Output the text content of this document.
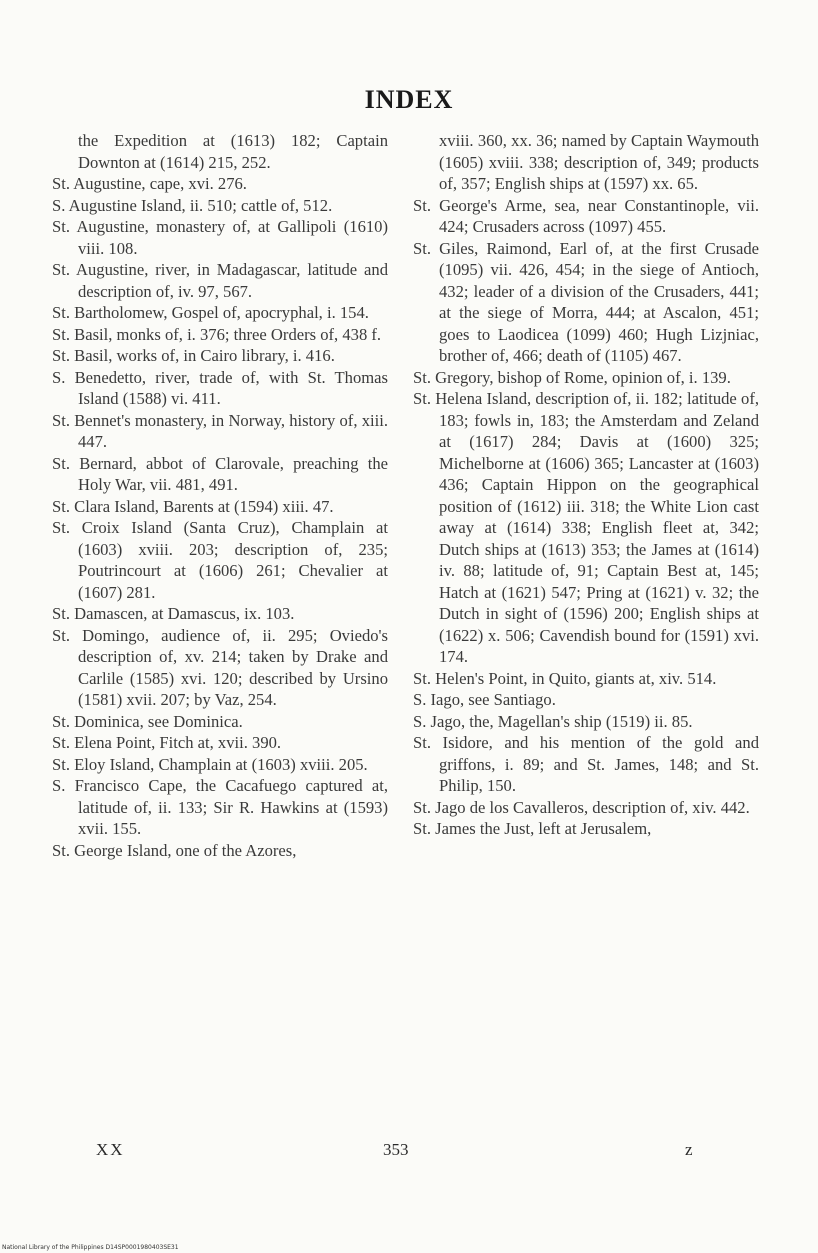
INDEX

the Expedition at (1613) 182; Captain Downton at (1614) 215, 252.

St. Augustine, cape, xvi. 276.

S. Augustine Island, ii. 510; cattle of, 512.

St. Augustine, monastery of, at Gallipoli (1610) viii. 108.

St. Augustine, river, in Madagascar, latitude and description of, iv. 97, 567.

St. Bartholomew, Gospel of, apocryphal, i. 154.

St. Basil, monks of, i. 376; three Orders of, 438 f.

St. Basil, works of, in Cairo library, i. 416.

S. Benedetto, river, trade of, with St. Thomas Island (1588) vi. 411.

St. Bennet's monastery, in Norway, history of, xiii. 447.

St. Bernard, abbot of Clarovale, preaching the Holy War, vii. 481, 491.

St. Clara Island, Barents at (1594) xiii. 47.

St. Croix Island (Santa Cruz), Champlain at (1603) xviii. 203; description of, 235; Poutrincourt at (1606) 261; Chevalier at (1607) 281.

St. Damascen, at Damascus, ix. 103.

St. Domingo, audience of, ii. 295; Oviedo's description of, xv. 214; taken by Drake and Carlile (1585) xvi. 120; described by Ursino (1581) xvii. 207; by Vaz, 254.

St. Dominica, see Dominica.

St. Elena Point, Fitch at, xvii. 390.

St. Eloy Island, Champlain at (1603) xviii. 205.

S. Francisco Cape, the Cacafuego captured at, latitude of, ii. 133; Sir R. Hawkins at (1593) xvii. 155.

St. George Island, one of the Azores,

xviii. 360, xx. 36; named by Captain Waymouth (1605) xviii. 338; description of, 349; products of, 357; English ships at (1597) xx. 65.

St. George's Arme, sea, near Constantinople, vii. 424; Crusaders across (1097) 455.

St. Giles, Raimond, Earl of, at the first Crusade (1095) vii. 426, 454; in the siege of Antioch, 432; leader of a division of the Crusaders, 441; at the siege of Morra, 444; at Ascalon, 451; goes to Laodicea (1099) 460; Hugh Lizjniac, brother of, 466; death of (1105) 467.

St. Gregory, bishop of Rome, opinion of, i. 139.

St. Helena Island, description of, ii. 182; latitude of, 183; fowls in, 183; the Amsterdam and Zeland at (1617) 284; Davis at (1600) 325; Michelborne at (1606) 365; Lancaster at (1603) 436; Captain Hippon on the geographical position of (1612) iii. 318; the White Lion cast away at (1614) 338; English fleet at, 342; Dutch ships at (1613) 353; the James at (1614) iv. 88; latitude of, 91; Captain Best at, 145; Hatch at (1621) 547; Pring at (1621) v. 32; the Dutch in sight of (1596) 200; English ships at (1622) x. 506; Cavendish bound for (1591) xvi. 174.

St. Helen's Point, in Quito, giants at, xiv. 514.

S. Iago, see Santiago.

S. Jago, the, Magellan's ship (1519) ii. 85.

St. Isidore, and his mention of the gold and griffons, i. 89; and St. James, 148; and St. Philip, 150.

St. Jago de los Cavalleros, description of, xiv. 442.

St. James the Just, left at Jerusalem,

XX	353	z
National Library of the Philippines D14SP0001980403SE31
